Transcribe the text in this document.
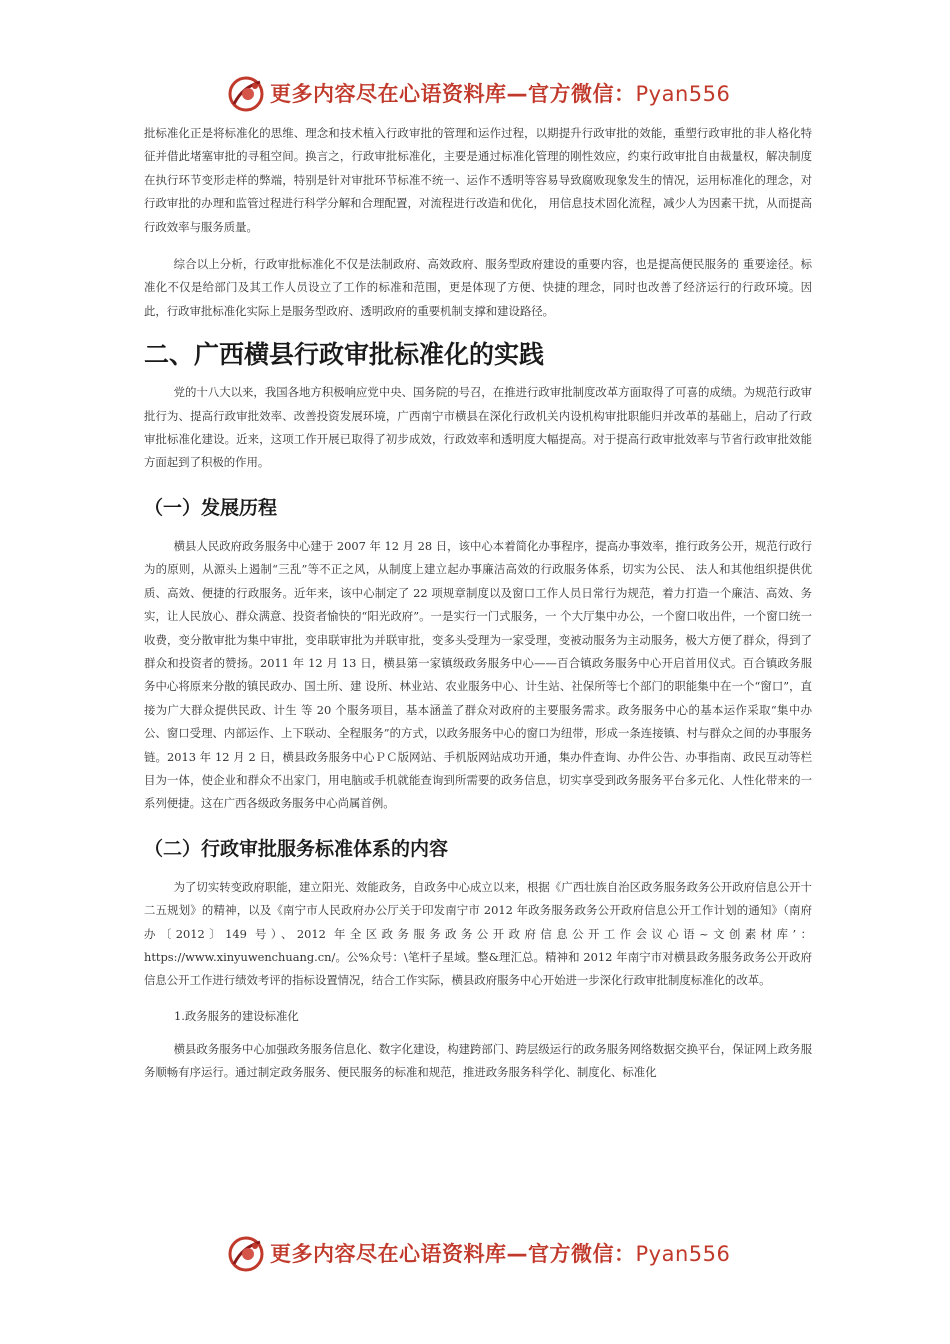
更多内容尽在心语资料库—官方微信：Pyan556

批标准化正是将标准化的思维、理念和技术植入行政审批的管理和运作过程，以期提升行政审批的效能，重塑行政审批的非人格化特征并借此堵塞审批的寻租空间。换言之，行政审批标准化，主要是通过标准化管理的刚性效应，约束行政审批自由裁量权，解决制度在执行环节变形走样的弊端，特别是针对审批环节标准不统一、运作不透明等容易导致腐败现象发生的情况，运用标准化的理念，对行政审批的办理和监管过程进行科学分解和合理配置，对流程进行改造和优化， 用信息技术固化流程，减少人为因素干扰，从而提高行政效率与服务质量。

综合以上分析，行政审批标准化不仅是法制政府、高效政府、服务型政府建设的重要内容，也是提高便民服务的 重要途径。标准化不仅是给部门及其工作人员设立了工作的标准和范围，更是体现了方便、快捷的理念，同时也改善了经济运行的行政环境。因此，行政审批标准化实际上是服务型政府、透明政府的重要机制支撑和建设路径。

二、广西横县行政审批标准化的实践

党的十八大以来，我国各地方积极响应党中央、国务院的号召，在推进行政审批制度改革方面取得了可喜的成绩。为规范行政审批行为、提高行政审批效率、改善投资发展环境，广西南宁市横县在深化行政机关内设机构审批职能归并改革的基础上，启动了行政审批标准化建设。近来，这项工作开展已取得了初步成效，行政效率和透明度大幅提高。对于提高行政审批效率与节省行政审批效能方面起到了积极的作用。

（一）发展历程

横县人民政府政务服务中心建于 2007 年 12 月 28 日，该中心本着简化办事程序，提高办事效率，推行政务公开，规范行政行为的原则，从源头上遏制“三乱”等不正之风，从制度上建立起办事廉洁高效的行政服务体系，切实为公民、 法人和其他组织提供优质、高效、便捷的行政服务。近年来，该中心制定了 22 项规章制度以及窗口工作人员日常行为规范，着力打造一个廉洁、高效、务实，让人民放心、群众满意、投资者愉快的“阳光政府”。一是实行一门式服务，一 个大厅集中办公，一个窗口收出件，一个窗口统一收费，变分散审批为集中审批，变串联审批为并联审批，变多头受理为一家受理，变被动服务为主动服务，极大方便了群众，得到了群众和投资者的赞扬。2011 年 12 月 13 日，横县第一家镇级政务服务中心——百合镇政务服务中心开启首用仪式。百合镇政务服务中心将原来分散的镇民政办、国土所、建 设所、林业站、农业服务中心、计生站、社保所等七个部门的职能集中在一个“窗口”，直接为广大群众提供民政、计生 等 20 个服务项目，基本涵盖了群众对政府的主要服务需求。政务服务中心的基本运作采取“集中办公、窗口受理、内部运作、上下联动、全程服务”的方式，以政务服务中心的窗口为纽带，形成一条连接镇、村与群众之间的办事服务链。2013 年 12 月 2 日，横县政务服务中心ＰＣ版网站、手机版网站成功开通，集办件查询、办件公告、办事指南、政民互动等栏目为一体，使企业和群众不出家门，用电脑或手机就能查询到所需要的政务信息，切实享受到政务服务平台多元化、人性化带来的一系列便捷。这在广西各级政务服务中心尚属首例。

（二）行政审批服务标准体系的内容

为了切实转变政府职能，建立阳光、效能政务，自政务中心成立以来，根据《广西壮族自治区政务服务政务公开政府信息公开十二五规划》的精神，以及《南宁市人民政府办公厅关于印发南宁市 2012 年政务服务政务公开政府信息公开工作计划的通知》（南府办〔2012〕149 号）、2012 年全区政务服务政务公开政府信息公开工作会议心语~文创素材库’：https://www.xinyuwenchuang.cn/。公%众号：\笔杆子星域。整&理汇总。精神和 2012 年南宁市对横县政务服务政务公开政府信息公开工作进行绩效考评的指标设置情况，结合工作实际，横县政府服务中心开始进一步深化行政审批制度标准化的改革。

1.政务服务的建设标准化

横县政务服务中心加强政务服务信息化、数字化建设，构建跨部门、跨层级运行的政务服务网络数据交换平台，保证网上政务服务顺畅有序运行。通过制定政务服务、便民服务的标准和规范，推进政务服务科学化、制度化、标准化

更多内容尽在心语资料库—官方微信：Pyan556
